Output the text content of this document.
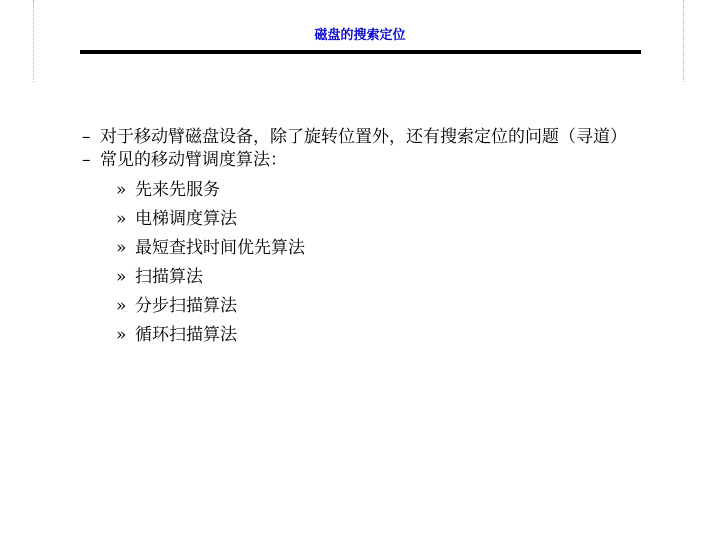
磁盘的搜索定位
– 对于移动臂磁盘设备，除了旋转位置外，还有搜索定位的问题（寻道）
– 常见的移动臂调度算法：
» 先来先服务
» 电梯调度算法
» 最短查找时间优先算法
» 扫描算法
» 分步扫描算法
» 循环扫描算法
